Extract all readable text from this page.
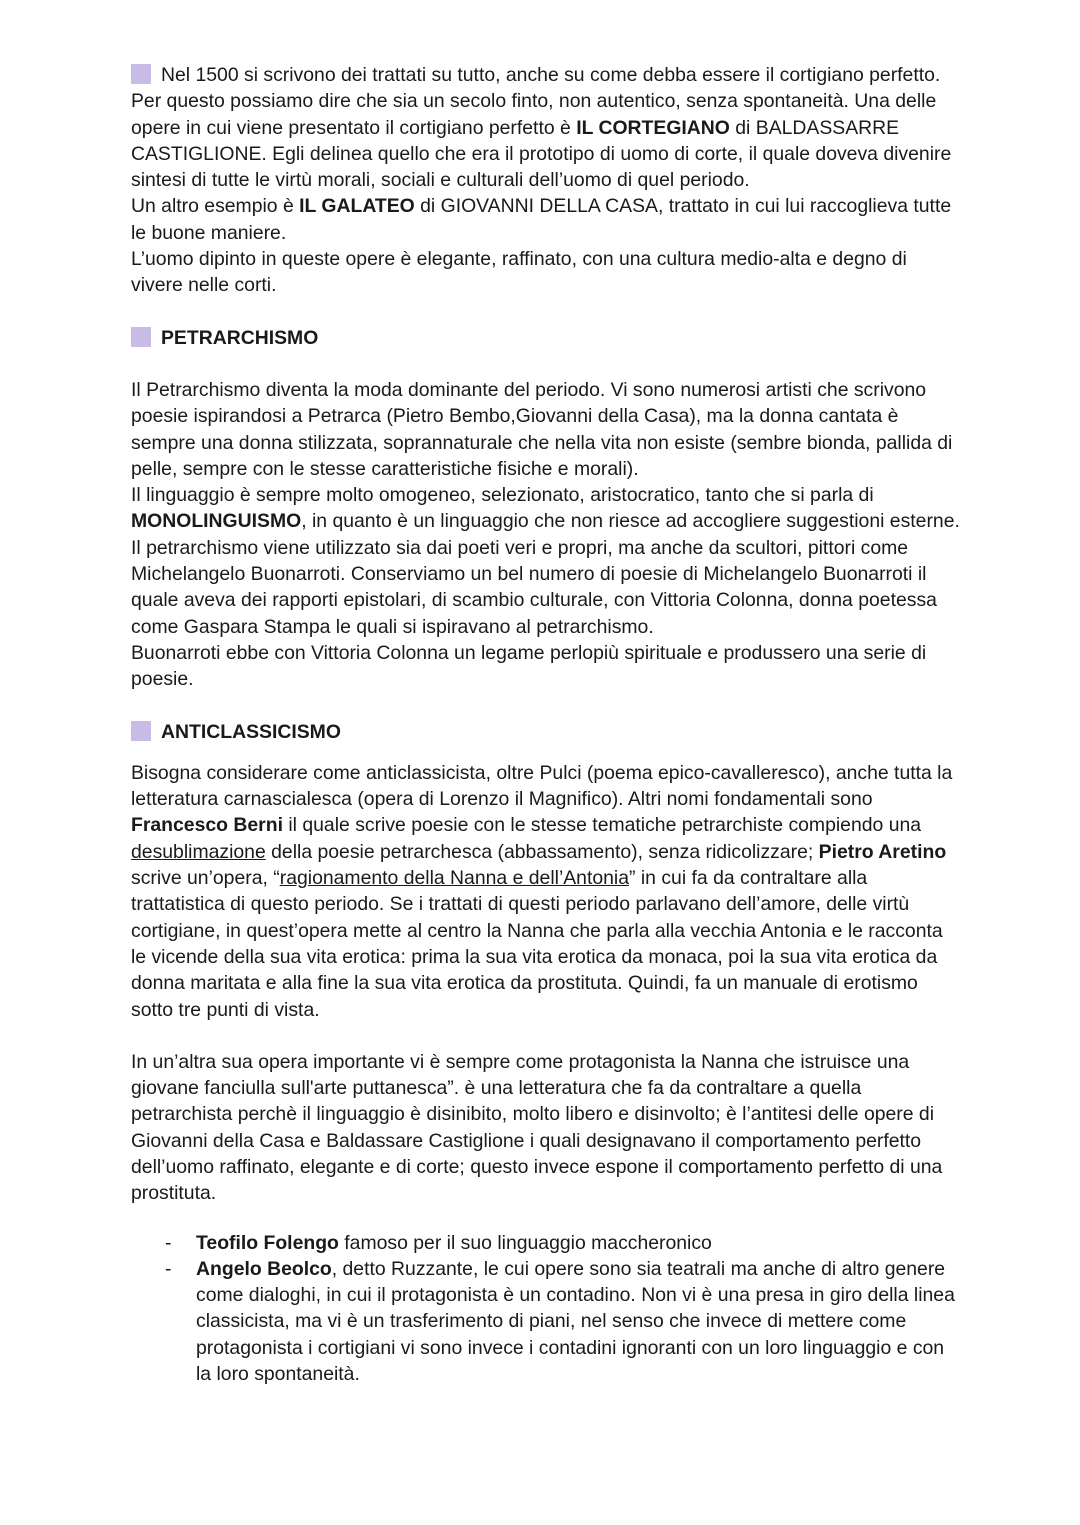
Nel 1500 si scrivono dei trattati su tutto, anche su come debba essere il cortigiano perfetto. Per questo possiamo dire che sia un secolo finto, non autentico, senza spontaneità. Una delle opere in cui viene presentato il cortigiano perfetto è IL CORTEGIANO di BALDASSARRE CASTIGLIONE. Egli delinea quello che era il prototipo di uomo di corte, il quale doveva divenire sintesi di tutte le virtù morali, sociali e culturali dell’uomo di quel periodo.

Un altro esempio è IL GALATEO di GIOVANNI DELLA CASA, trattato in cui lui raccoglieva tutte le buone maniere.

L’uomo dipinto in queste opere è elegante, raffinato, con una cultura medio-alta e degno di vivere nelle corti.

PETRARCHISMO

Il Petrarchismo diventa la moda dominante del periodo. Vi sono numerosi artisti che scrivono poesie ispirandosi a Petrarca (Pietro Bembo,Giovanni della Casa), ma la donna cantata è sempre una donna stilizzata, soprannaturale che nella vita non esiste (sembre bionda, pallida di pelle, sempre con le stesse caratteristiche fisiche e morali).

Il linguaggio è sempre molto omogeneo, selezionato, aristocratico, tanto che si parla di MONOLINGUISMO, in quanto è un linguaggio che non riesce ad accogliere suggestioni esterne.

Il petrarchismo viene utilizzato sia dai poeti veri e propri, ma anche da scultori, pittori come Michelangelo Buonarroti. Conserviamo un bel numero di poesie di Michelangelo Buonarroti il quale aveva dei rapporti epistolari, di scambio culturale, con Vittoria Colonna, donna poetessa come Gaspara Stampa le quali si ispiravano al petrarchismo.

Buonarroti ebbe con Vittoria Colonna un legame perlopiù spirituale e produssero una serie di poesie.

ANTICLASSICISMO

Bisogna considerare come anticlassicista, oltre Pulci (poema epico-cavalleresco), anche tutta la letteratura carnascialesca (opera di Lorenzo il Magnifico). Altri nomi fondamentali sono Francesco Berni il quale scrive poesie con le stesse tematiche petrarchiste compiendo una desublimazione della poesie petrarchesca (abbassamento), senza ridicolizzare; Pietro Aretino scrive un’opera, “ragionamento della Nanna e dell’Antonia” in cui fa da contraltare alla trattatistica di questo periodo. Se i trattati di questi periodo parlavano dell’amore, delle virtù cortigiane, in quest’opera mette al centro la Nanna che parla alla vecchia Antonia e le racconta le vicende della sua vita erotica: prima la sua vita erotica da monaca, poi la sua vita erotica da donna maritata e alla fine la sua vita erotica da prostituta. Quindi, fa un manuale di erotismo sotto tre punti di vista.

In un’altra sua opera importante vi è sempre come protagonista la Nanna che istruisce una giovane fanciulla sull'arte puttanesca”. è una letteratura che fa da contraltare a quella petrarchista perchè il linguaggio è disinibito, molto libero e disinvolto; è l’antitesi delle opere di Giovanni della Casa e Baldassare Castiglione i quali designavano il comportamento perfetto dell’uomo raffinato, elegante e di corte; questo invece espone il comportamento perfetto di una prostituta.

- Teofilo Folengo famoso per il suo linguaggio maccheronico
- Angelo Beolco, detto Ruzzante, le cui opere sono sia teatrali ma anche di altro genere come dialoghi, in cui il protagonista è un contadino. Non vi è una presa in giro della linea classicista, ma vi è un trasferimento di piani, nel senso che invece di mettere come protagonista i cortigiani vi sono invece i contadini ignoranti con un loro linguaggio e con la loro spontaneità.
